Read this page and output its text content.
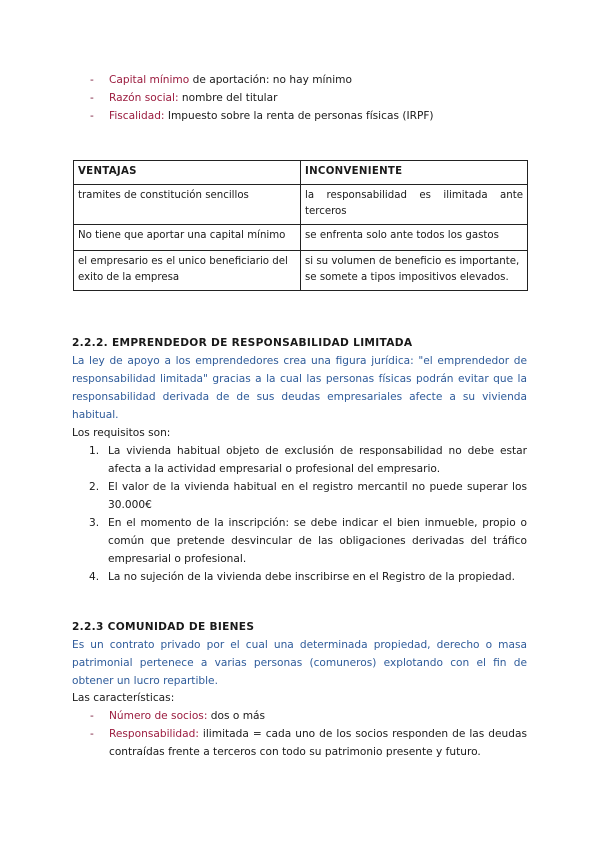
- Capital mínimo de aportación: no hay mínimo
- Razón social: nombre del titular
- Fiscalidad: Impuesto sobre la renta de personas físicas (IRPF)
VENTAJAS	INCONVENIENTE
tramites de constitución sencillos	la responsabilidad es ilimitada ante terceros
No tiene que aportar una capital mínimo	se enfrenta solo ante todos los gastos
el empresario es el unico beneficiario del exito de la empresa	si su volumen de beneficio es importante, se somete a tipos impositivos elevados.
2.2.2. EMPRENDEDOR DE RESPONSABILIDAD LIMITADA
La ley de apoyo a los emprendedores crea una figura jurídica: "el emprendedor de responsabilidad limitada" gracias a la cual las personas físicas podrán evitar que la responsabilidad derivada de de sus deudas empresariales afecte a su vivienda habitual.
Los requisitos son:
1. La vivienda habitual objeto de exclusión de responsabilidad no debe estar afecta a la actividad empresarial o profesional del empresario.
2. El valor de la vivienda habitual en el registro mercantil no puede superar los 30.000€
3. En el momento de la inscripción: se debe indicar el bien inmueble, propio o común que pretende desvincular de las obligaciones derivadas del tráfico empresarial o profesional.
4. La no sujeción de la vivienda debe inscribirse en el Registro de la propiedad.
2.2.3 COMUNIDAD DE BIENES
Es un contrato privado por el cual una determinada propiedad, derecho o masa patrimonial pertenece a varias personas (comuneros) explotando con el fin de obtener un lucro repartible.
Las características:
- Número de socios: dos o más
- Responsabilidad: ilimitada = cada uno de los socios responden de las deudas contraídas frente a terceros con todo su patrimonio presente y futuro.
